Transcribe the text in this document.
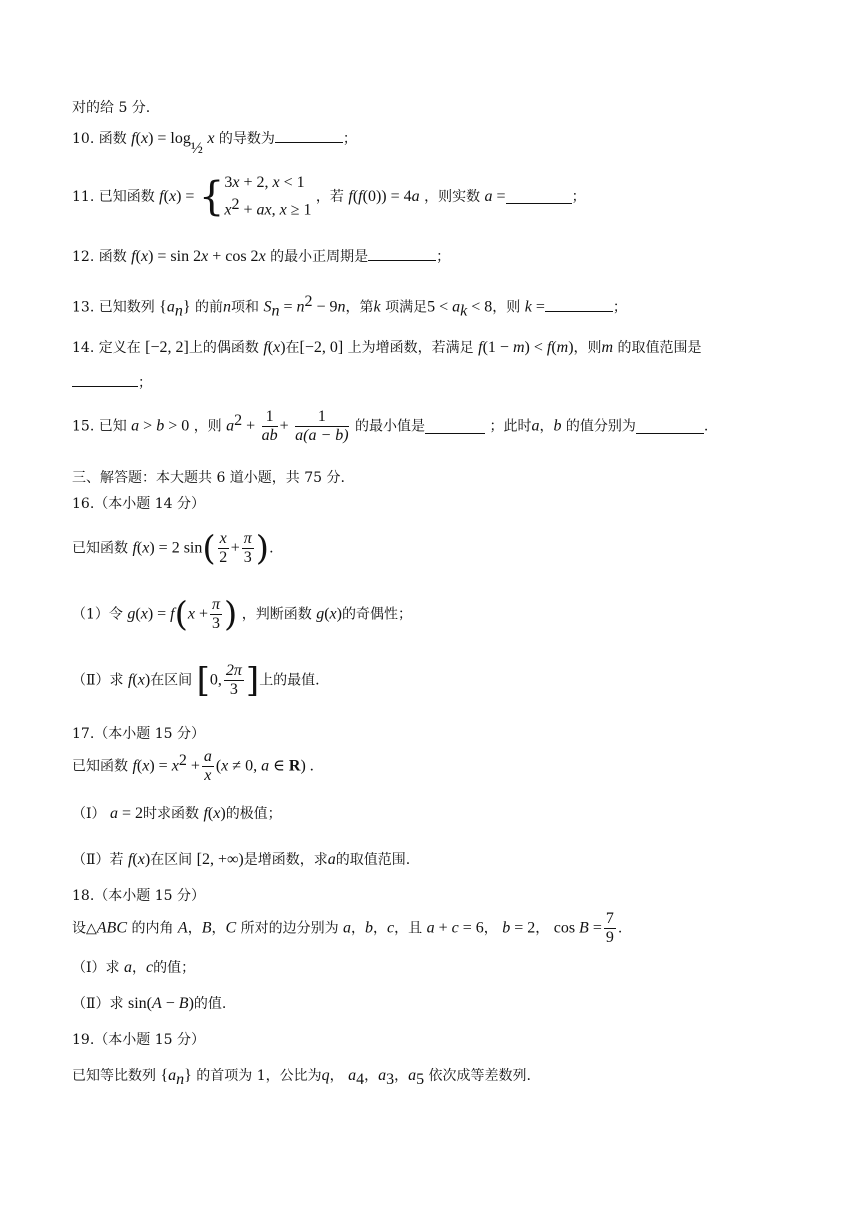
对的给 5 分.
10. 函数 $f(x) = \log_{\frac{1}{2}} x$ 的导数为	；
11. 已知函数 f(x) = {3x + 2, x < 1
$x^2$ + ax, x ≥ 1 ，若 f(f(0)) = 4a ，则实数 a =	；
12. 函数 f(x) = sin 2x + cos 2x 的最小正周期是	；
13. 已知数列 $\{a_n\}$ 的前n项和 $S_n = n^2 - 9n$，第k 项满足$5 < a_k < 8$，则 k =	；
14. 定义在 [−2, 2]上的偶函数 f(x)在[−2, 0] 上为增函数，若满足 f(1 − m) < f(m)，则m 的取值范围是
；
15. 已知 a > b > 0 ，则 $a^2 + \frac{1}{ab} + \frac{1}{a(a - b)}$ 的最小值是	；此时a，b 的值分别为	.
三、解答题：本大题共 6 道小题，共 75 分.
16.（本小题 14 分）
已知函数 f(x) = 2 $\sin( \frac{x}{2} + \frac{\pi}{3}$ ).
（1）令 $g(x) = f(x + \frac{\pi}{3}$ ) ，判断函数 g(x)的奇偶性；
（Ⅱ）求 f(x)在区间 [0, $\frac{2\pi}{3}$ ]上的最值.
17.（本小题 15 分）
已知函数 $f(x) = x^2 + \frac{a}{x} (x \ne 0$, a ∈ R) .
（Ⅰ） a = 2时求函数 f(x)的极值；
（Ⅱ）若 f(x)在区间 [2, +∞)是增函数，求a的取值范围.
18.（本小题 15 分）
设△ABC 的内角 A，B，C 所对的边分别为 a，b，c，且 a + c = 6， b = 2， $\cos B = \frac{7}{9}$ .
（Ⅰ）求 a，c的值；
（Ⅱ）求 sin(A − B)的值.
19.（本小题 15 分）
已知等比数列 $\{a_n\}$ 的首项为 1，公比为q， $a_4$，$a_3$，$a_5$ 依次成等差数列.
